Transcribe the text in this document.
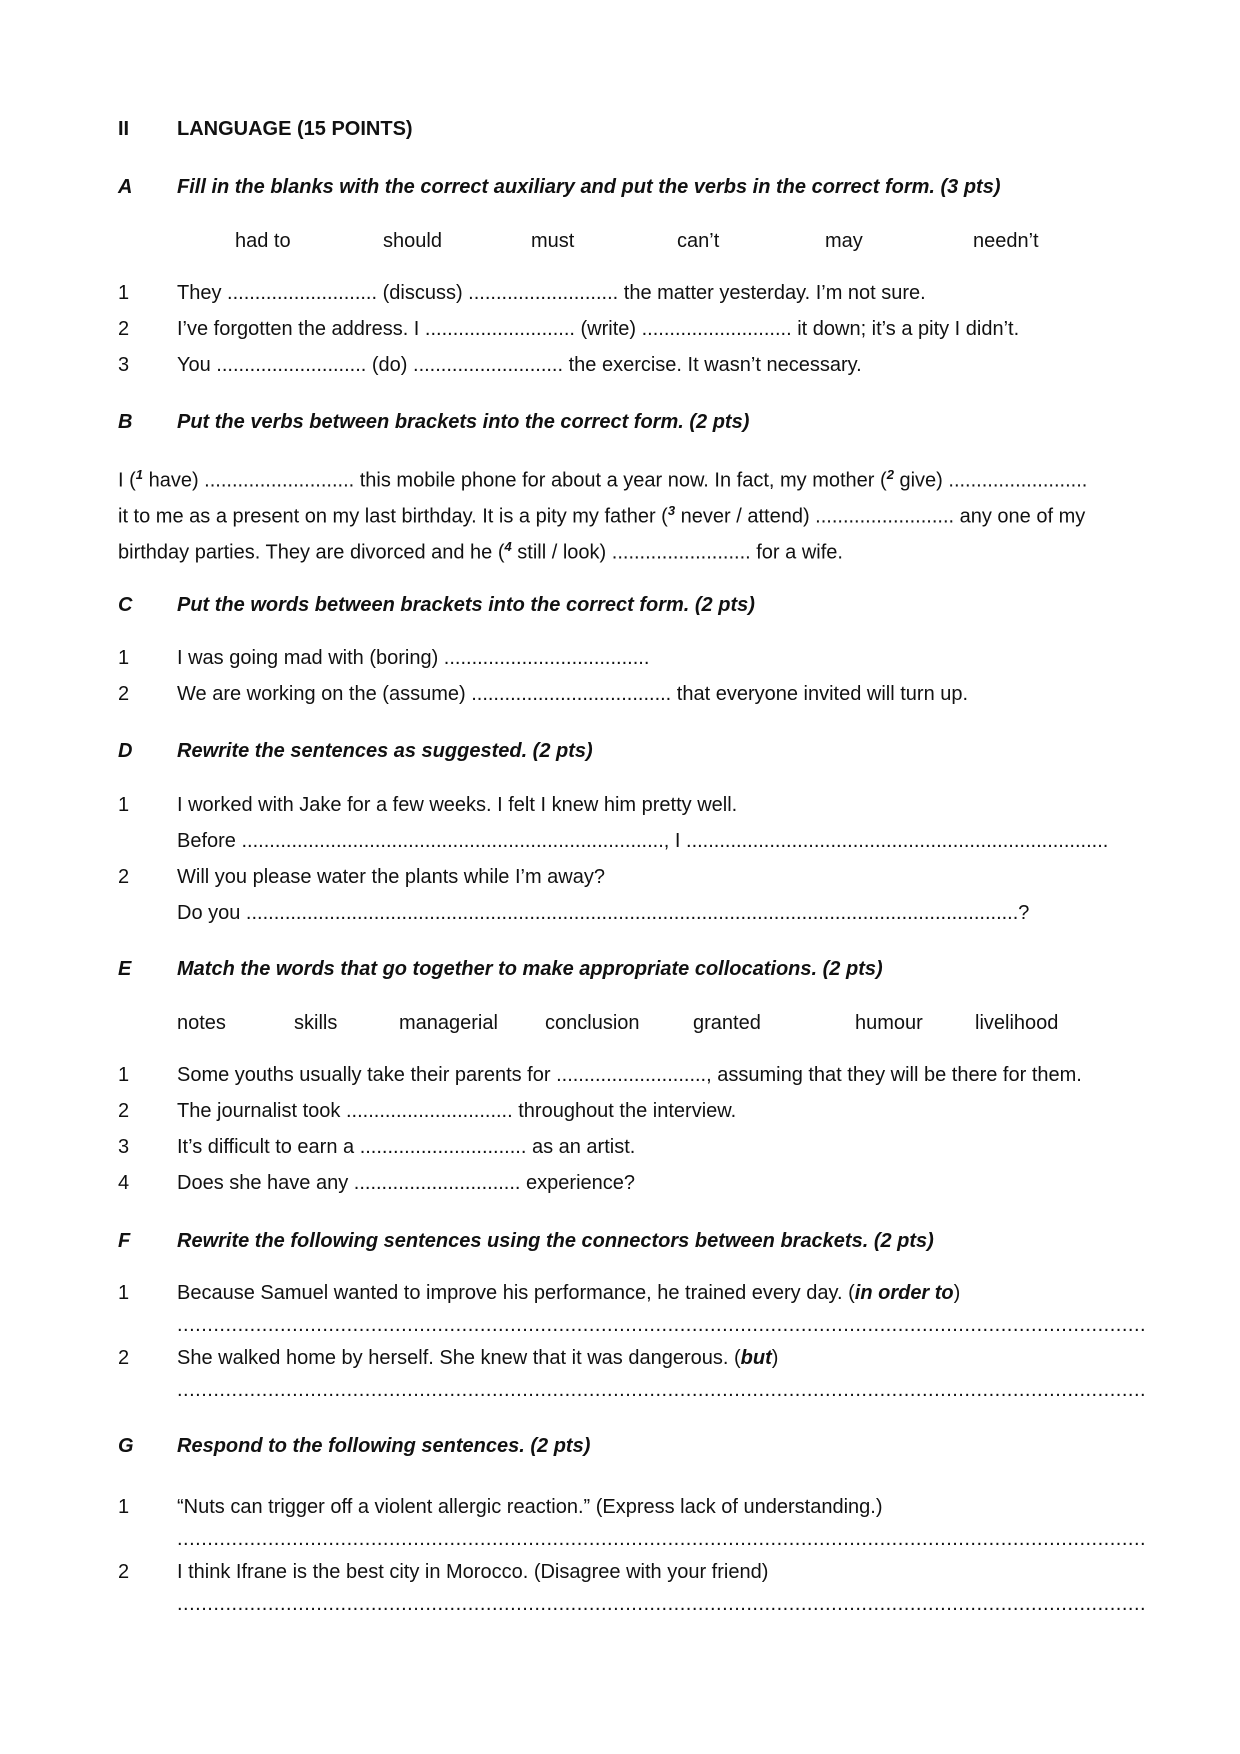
II LANGUAGE (15 POINTS)
A Fill in the blanks with the correct auxiliary and put the verbs in the correct form. (3 pts)
had to	should	must	can’t	may	needn’t
1 They ........................... (discuss) ........................... the matter yesterday. I’m not sure.
2 I’ve forgotten the address. I ........................... (write) ........................... it down; it’s a pity I didn’t.
3 You ........................... (do) ........................... the exercise. It wasn’t necessary.
B Put the verbs between brackets into the correct form. (2 pts)
I ($^1$ have) ........................... this mobile phone for about a year now. In fact, my mother ($^2$ give) .........................
it to me as a present on my last birthday. It is a pity my father ($^3$ never / attend) ......................... any one of my
birthday parties. They are divorced and he ($^4$ still / look) ......................... for a wife.
C Put the words between brackets into the correct form. (2 pts)
1 I was going mad with (boring) .....................................
2 We are working on the (assume) .................................... that everyone invited will turn up.
D Rewrite the sentences as suggested. (2 pts)
1 I worked with Jake for a few weeks. I felt I knew him pretty well.
Before ............................................................................, I ............................................................................
2 Will you please water the plants while I’m away?
Do you ...........................................................................................................................................?
E Match the words that go together to make appropriate collocations. (2 pts)
notes	skills	managerial conclusion	granted	humour	livelihood
1 Some youths usually take their parents for ..........................., assuming that they will be there for them.
2 The journalist took .............................. throughout the interview.
3 It’s difficult to earn a .............................. as an artist.
4 Does she have any .............................. experience?
F Rewrite the following sentences using the connectors between brackets. (2 pts)
1 Because Samuel wanted to improve his performance, he trained every day. (in order to)
................................................................................................................................................................
2 She walked home by herself. She knew that it was dangerous. (but)
................................................................................................................................................................
G Respond to the following sentences. (2 pts)
1 “Nuts can trigger off a violent allergic reaction.” (Express lack of understanding.)
................................................................................................................................................................
2 I think Ifrane is the best city in Morocco. (Disagree with your friend)
................................................................................................................................................................
